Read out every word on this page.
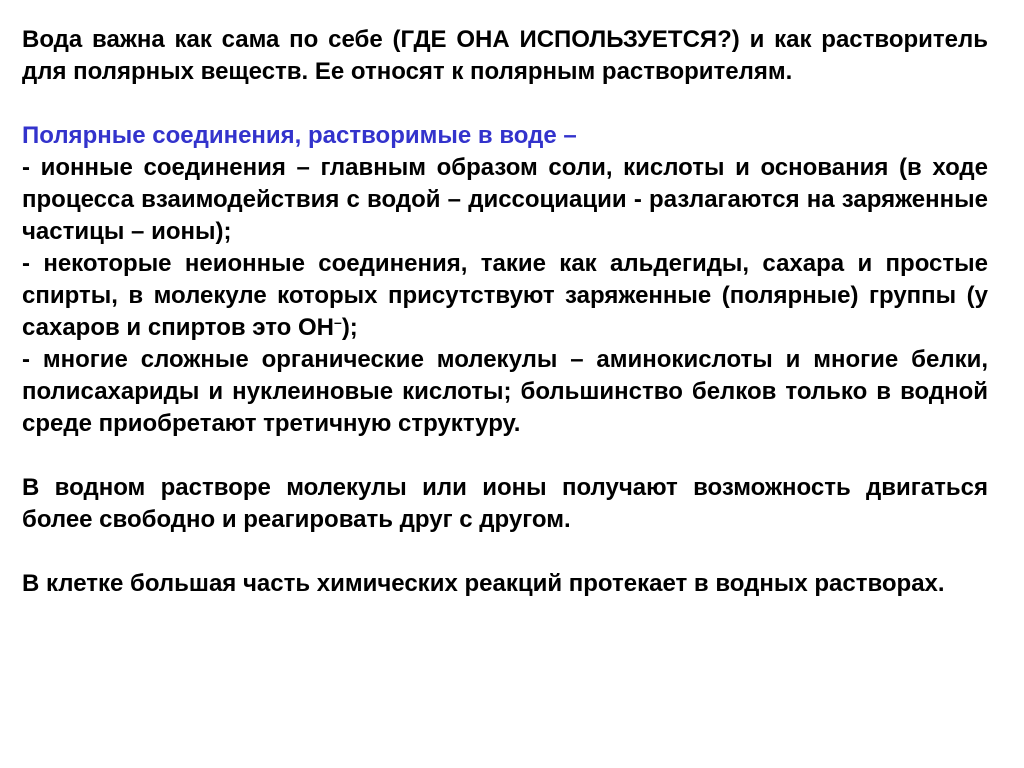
Вода важна как сама по себе (ГДЕ ОНА ИСПОЛЬЗУЕТСЯ?) и как растворитель для полярных веществ. Ее относят к полярным растворителям.

Полярные соединения, растворимые в воде –

- ионные соединения – главным образом соли, кислоты и основания (в ходе процесса взаимодействия с водой – диссоциации - разлагаются на заряженные частицы – ионы);

- некоторые неионные соединения, такие как альдегиды, сахара и простые спирты, в молекуле которых присутствуют заряженные (полярные) группы (у сахаров и спиртов это ОН–);

- многие сложные органические молекулы – аминокислоты и многие белки, полисахариды и нуклеиновые кислоты; большинство белков только в водной среде приобретают третичную структуру.

В водном растворе молекулы или ионы получают возможность двигаться более свободно и реагировать друг с другом.

В клетке большая часть химических реакций протекает в водных растворах.
